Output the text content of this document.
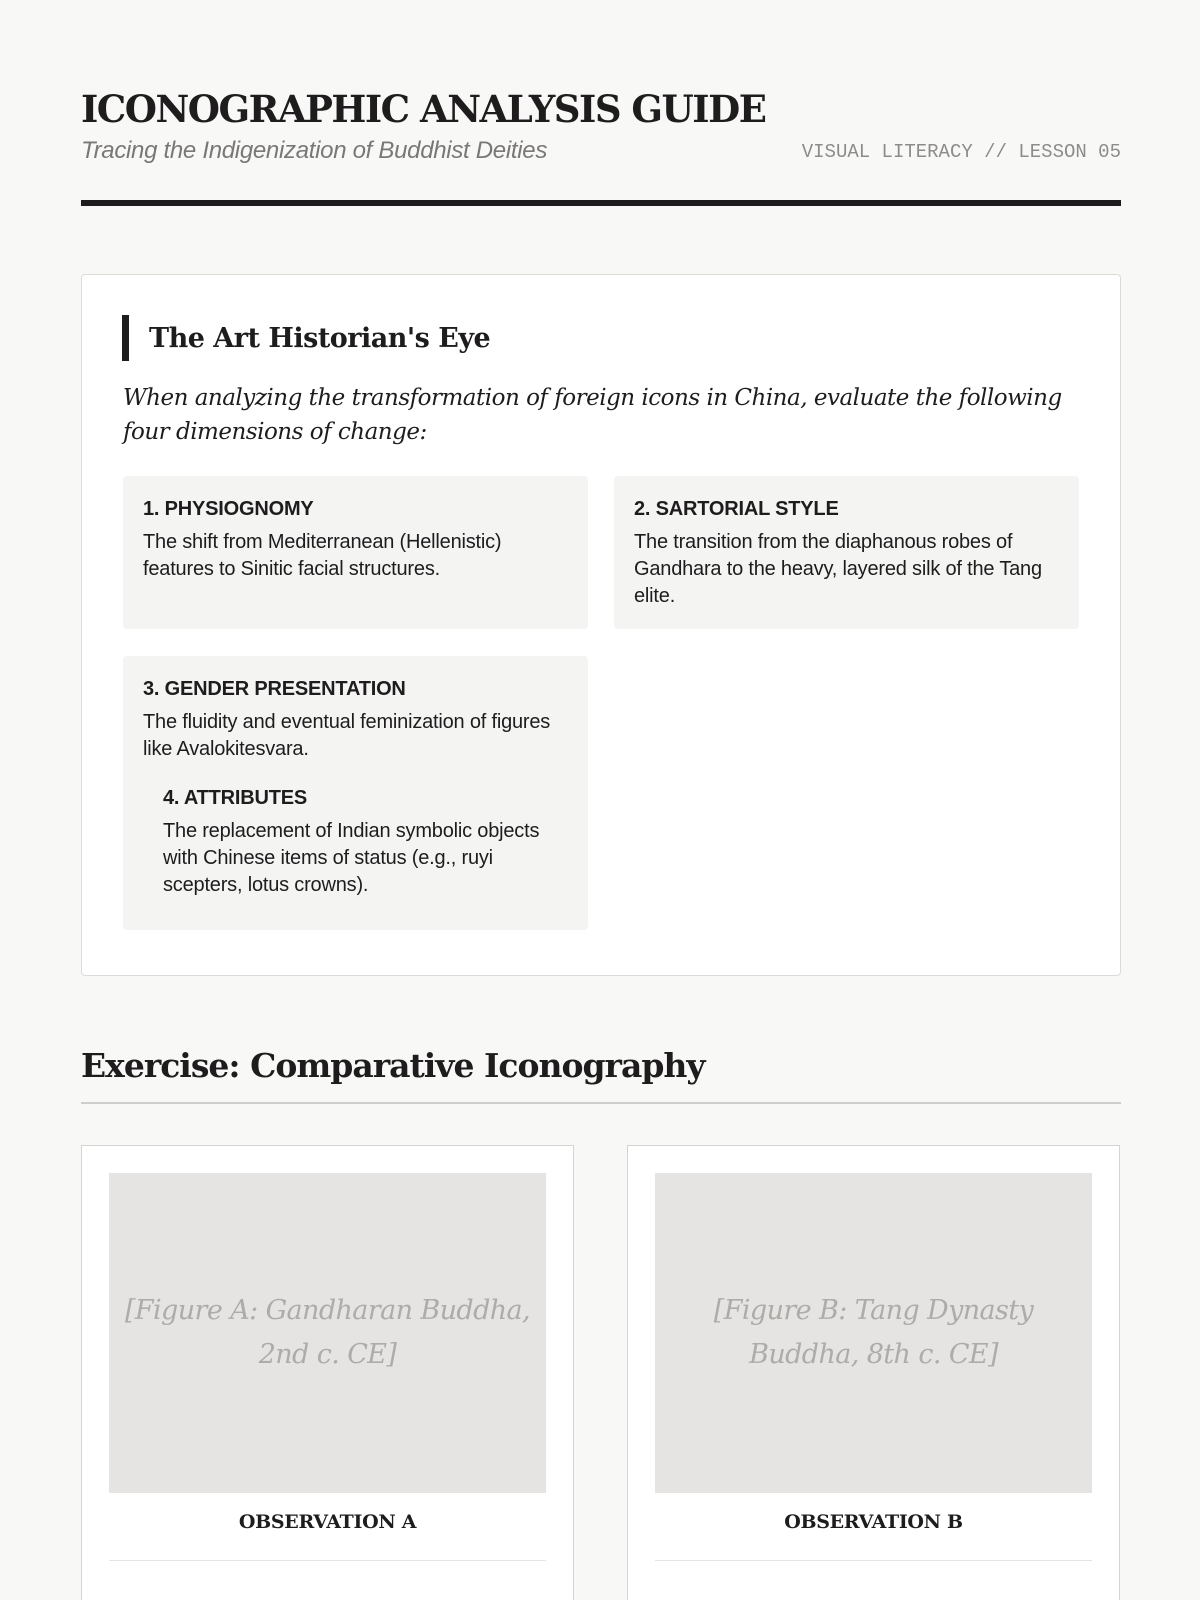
ICONOGRAPHIC ANALYSIS GUIDE
Tracing the Indigenization of Buddhist Deities	VISUAL LITERACY // LESSON 05
The Art Historian's Eye

When analyzing the transformation of foreign icons in China, evaluate the following four dimensions of change:

1. PHYSIOGNOMY
The shift from Mediterranean (Hellenistic) features to Sinitic facial structures.
2. SARTORIAL STYLE
The transition from the diaphanous robes of Gandhara to the heavy, layered silk of the Tang elite.
3. GENDER PRESENTATION
The fluidity and eventual feminization of figures like Avalokitesvara.
4. ATTRIBUTES
The replacement of Indian symbolic objects with Chinese items of status (e.g., ruyi scepters, lotus crowns).
Exercise: Comparative Iconography
[Figure A: Gandharan Buddha, 2nd c. CE]
OBSERVATION A
[Figure B: Tang Dynasty Buddha, 8th c. CE]
OBSERVATION B
